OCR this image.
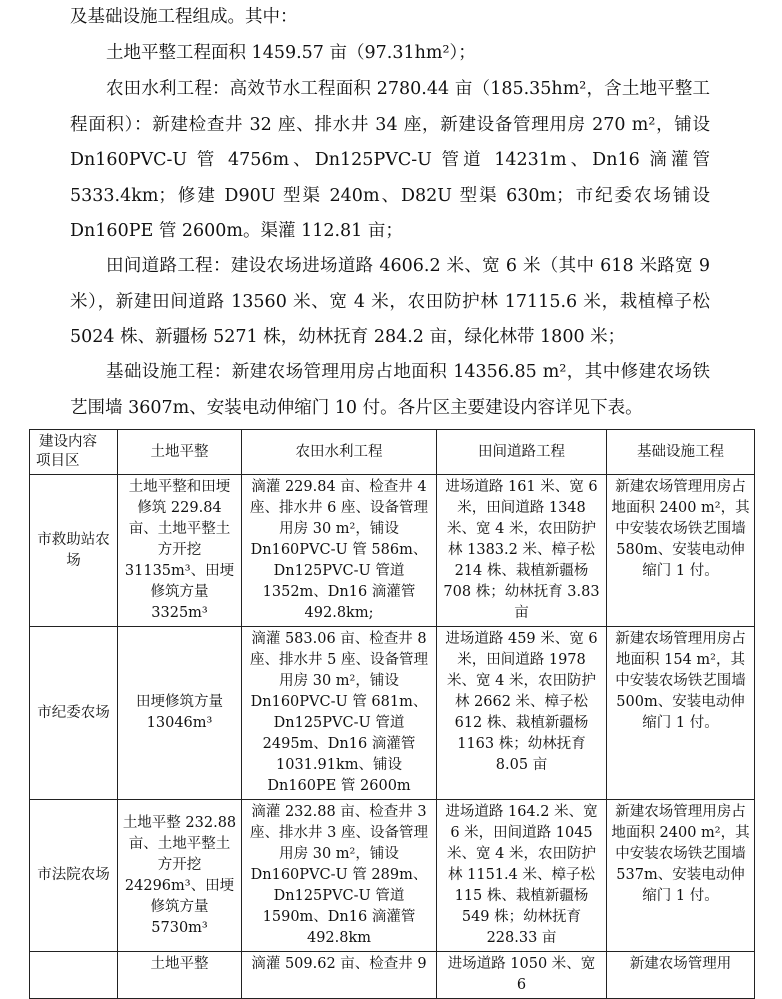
及基础设施工程组成。其中：

土地平整工程面积 1459.57 亩（97.31hm²）；

农田水利工程：高效节水工程面积 2780.44 亩（185.35hm²，含土地平整工程面积）：新建检查井 32 座、排水井 34 座，新建设备管理用房 270 m²，铺设 Dn160PVC-U 管 4756m、Dn125PVC-U 管道 14231m、Dn16 滴灌管 5333.4km；修建 D90U 型渠 240m、D82U 型渠 630m；市纪委农场铺设 Dn160PE 管 2600m。渠灌 112.81 亩；

田间道路工程：建设农场进场道路 4606.2 米、宽 6 米（其中 618 米路宽 9 米），新建田间道路 13560 米、宽 4 米，农田防护林 17115.6 米，栽植樟子松 5024 株、新疆杨 5271 株，幼林抚育 284.2 亩，绿化林带 1800 米；

基础设施工程：新建农场管理用房占地面积 14356.85 m²，其中修建农场铁艺围墙 3607m、安装电动伸缩门 10 付。各片区主要建设内容详见下表。

建设内容
项目区	土地平整	农田水利工程	田间道路工程	基础设施工程
市救助站农场	土地平整和田埂修筑 229.84 亩、土地平整土方开挖 31135m³、田埂修筑方量 3325m³	滴灌 229.84 亩、检查井 4 座、排水井 6 座、设备管理用房 30 m²，铺设 Dn160PVC-U 管 586m、Dn125PVC-U 管道 1352m、Dn16 滴灌管 492.8km;	进场道路 161 米、宽 6 米，田间道路 1348 米、宽 4 米，农田防护林 1383.2 米、樟子松 214 株、栽植新疆杨 708 株；幼林抚育 3.83 亩	新建农场管理用房占地面积 2400 m²，其中安装农场铁艺围墙 580m、安装电动伸缩门 1 付。
市纪委农场	田埂修筑方量 13046m³	滴灌 583.06 亩、检查井 8 座、排水井 5 座、设备管理用房 30 m²，铺设 Dn160PVC-U 管 681m、Dn125PVC-U 管道 2495m、Dn16 滴灌管 1031.91km、铺设 Dn160PE 管 2600m	进场道路 459 米、宽 6 米，田间道路 1978 米、宽 4 米，农田防护林 2662 米、樟子松 612 株、栽植新疆杨 1163 株；幼林抚育 8.05 亩	新建农场管理用房占地面积 154 m²，其中安装农场铁艺围墙 500m、安装电动伸缩门 1 付。
市法院农场	土地平整 232.88 亩、土地平整土方开挖 24296m³、田埂修筑方量 5730m³	滴灌 232.88 亩、检查井 3 座、排水井 3 座、设备管理用房 30 m²，铺设 Dn160PVC-U 管 289m、Dn125PVC-U 管道 1590m、Dn16 滴灌管 492.8km	进场道路 164.2 米、宽 6 米，田间道路 1045 米、宽 4 米，农田防护林 1151.4 米、樟子松 115 株、栽植新疆杨 549 株；幼林抚育 228.33 亩	新建农场管理用房占地面积 2400 m²，其中安装农场铁艺围墙 537m、安装电动伸缩门 1 付。
	土地平整	滴灌 509.62 亩、检查井 9	进场道路 1050 米、宽 6	新建农场管理用
